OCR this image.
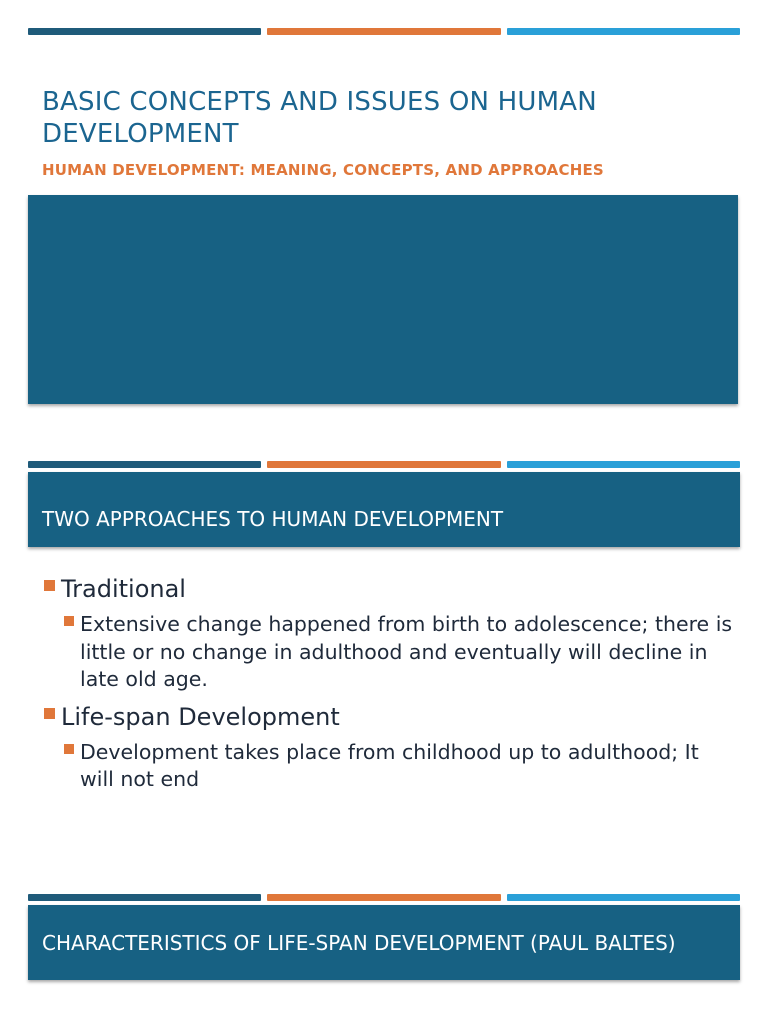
BASIC CONCEPTS AND ISSUES ON HUMAN DEVELOPMENT
HUMAN DEVELOPMENT: MEANING, CONCEPTS, AND APPROACHES
TWO APPROACHES TO HUMAN DEVELOPMENT
Traditional
Extensive change happened from birth to adolescence; there is little or no change in adulthood and eventually will decline in late old age.
Life-span Development
Development takes place from childhood up to adulthood; It will not end
CHARACTERISTICS OF LIFE-SPAN DEVELOPMENT (PAUL BALTES)
